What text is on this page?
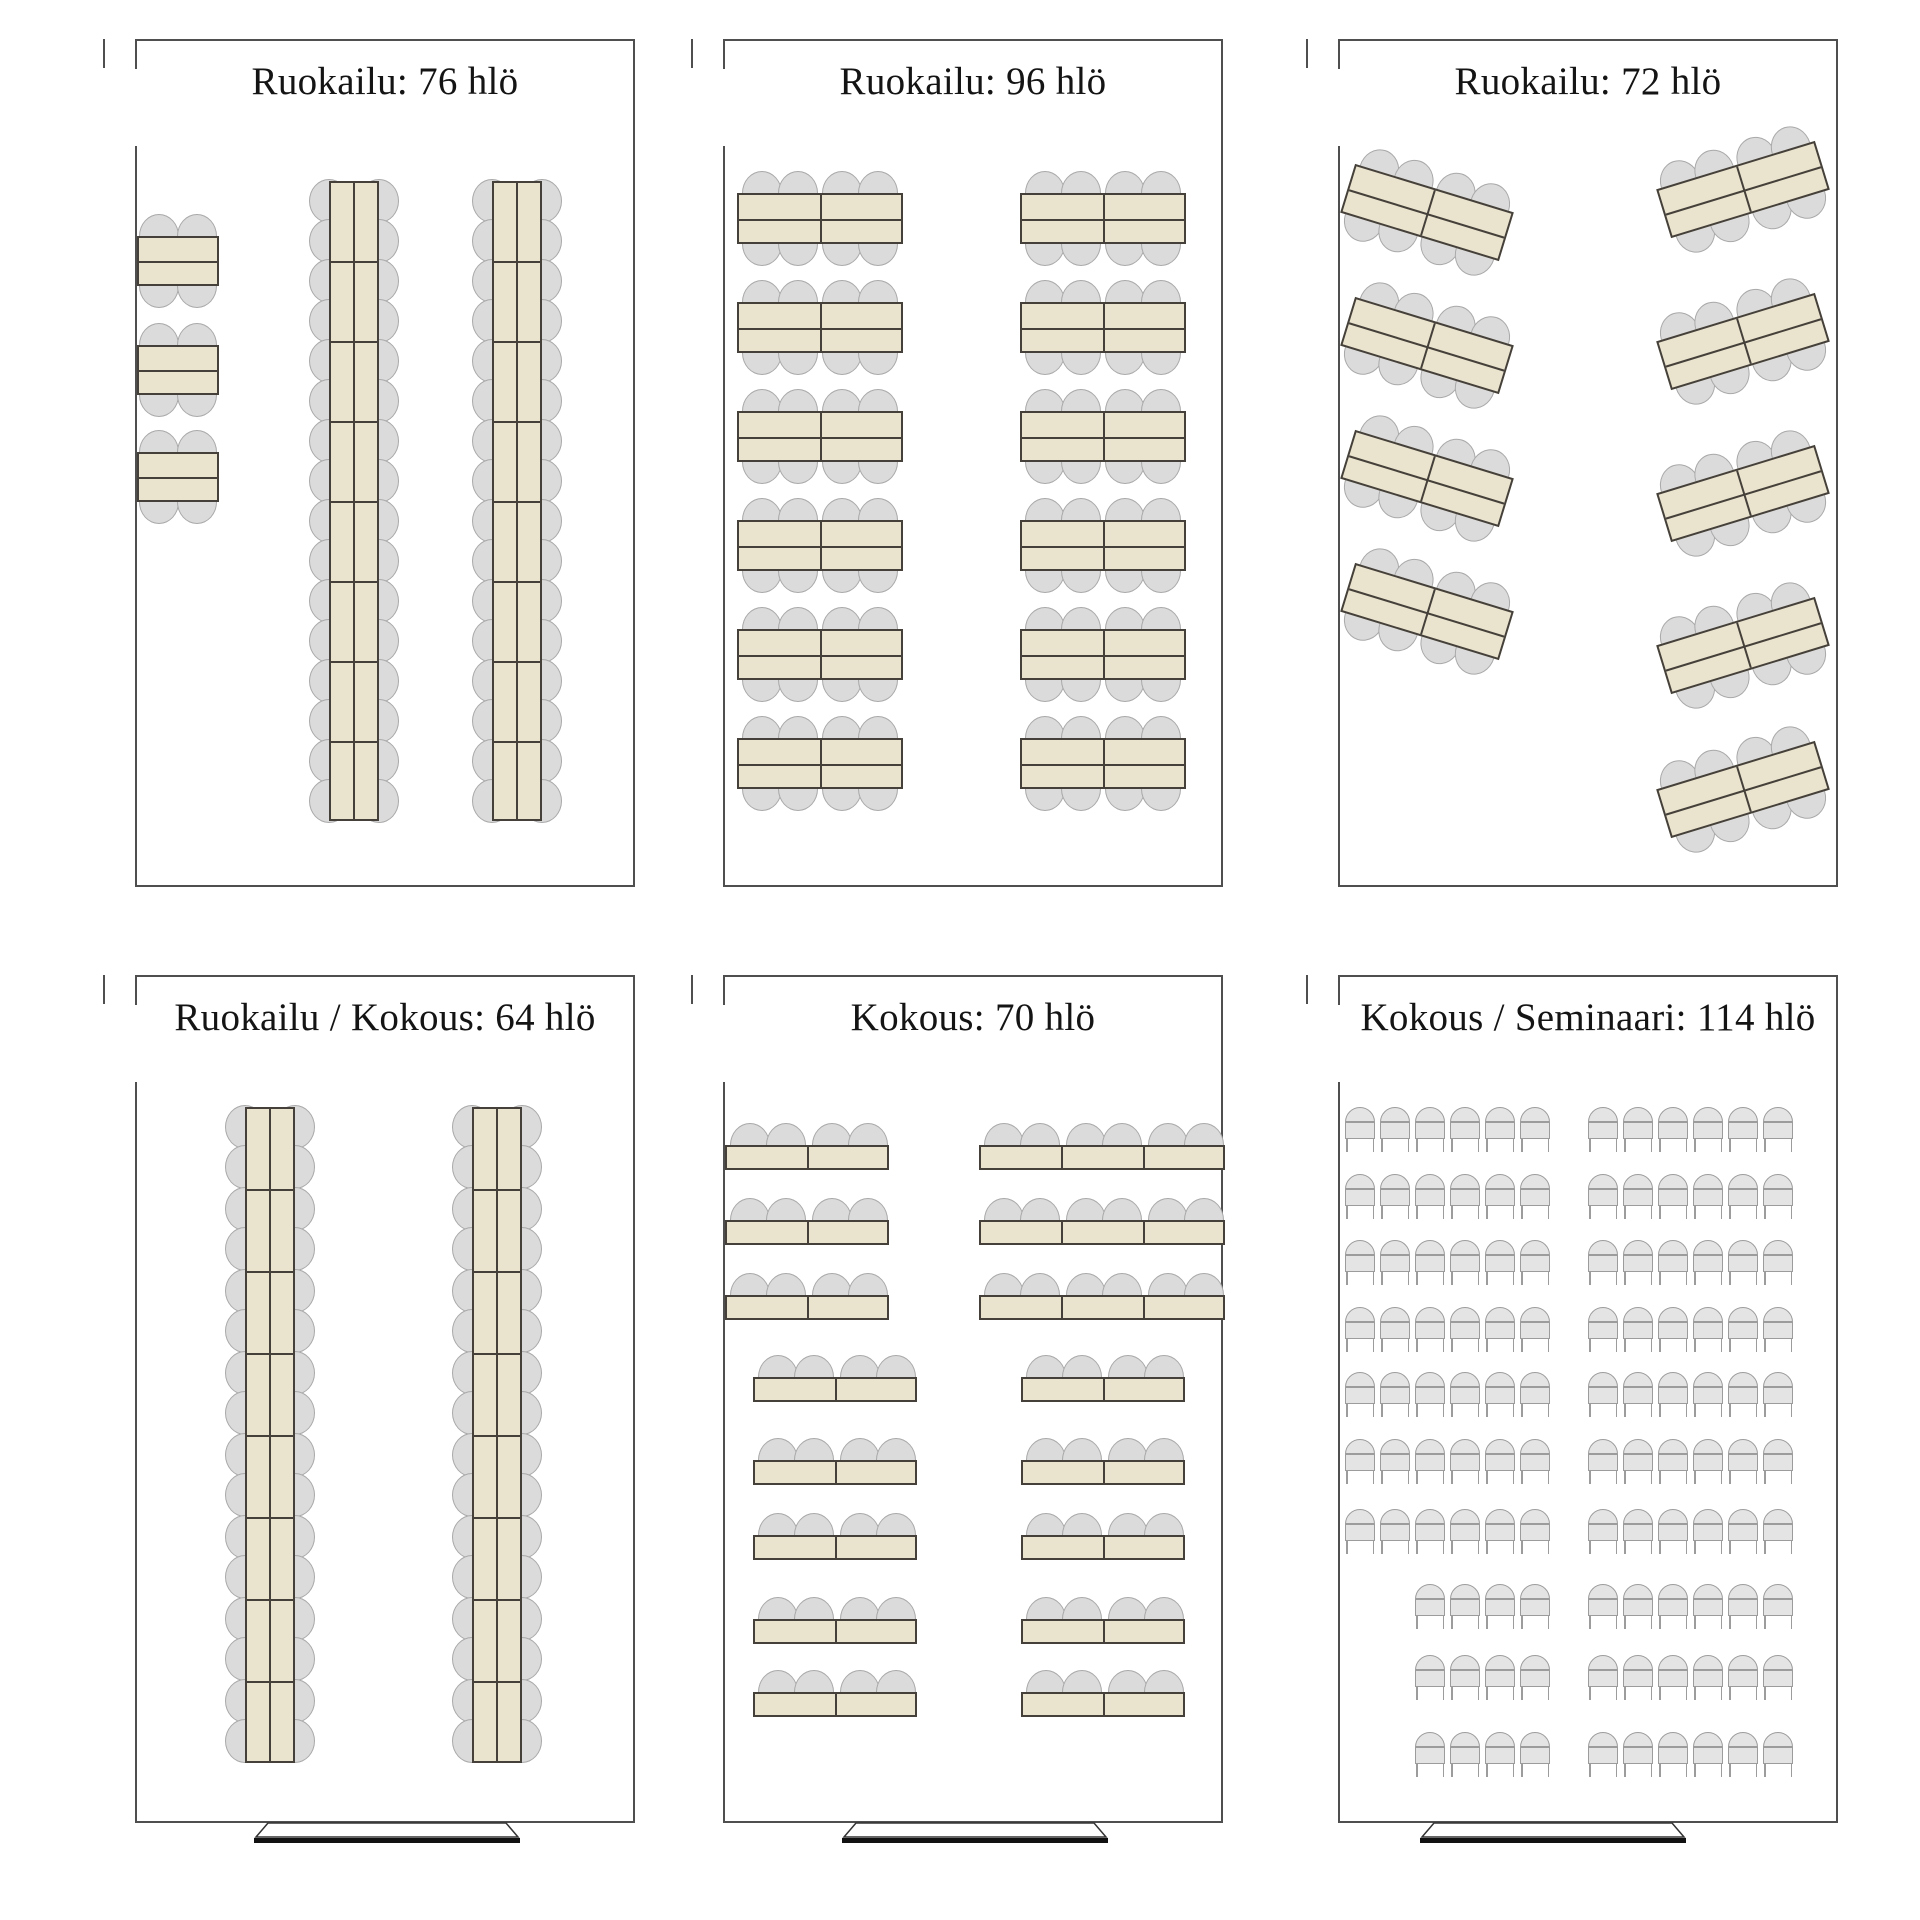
Ruokailu: 76 hlö	Ruokailu: 96 hlö	Ruokailu: 72 hlö
Ruokailu / Kokous: 64 hlö	Kokous: 70 hlö	Kokous / Seminaari: 114 hlö
